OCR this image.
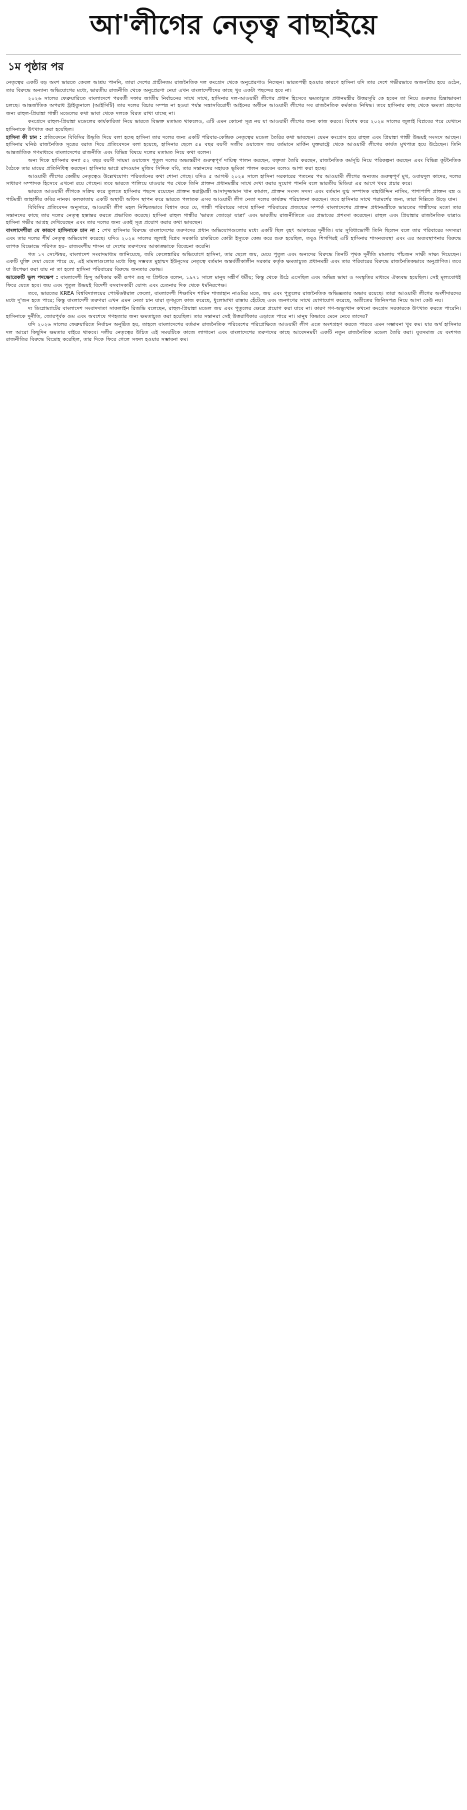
আ'লীগের নেতৃত্ব বাছাইয়ে
১ম পৃষ্ঠার পর

নেতৃত্বের একটি বড় অংশ ভারতে কেবল আশ্রয় পাননি, তারা দেশের প্রাচীনতম রাজনৈতিক দল কংগ্রেস থেকে অনুপ্রেরণাও নিচ্ছেন। ভারতপন্থী হওয়ার কারণে হাসিনা যদি তার দেশে গভীরভাবে অজনপ্রিয় হয়ে ওঠেন, তার বিরুদ্ধে অন্যান্য অভিযোগের মধ্যে, ভারতীয় রাজনীতি থেকে অনুপ্রেরণা নেয়া এখন বাংলাদেশীদের কাছে খুব একটা পছন্দের হবে না।

২০২৬ সালের ফেব্রুয়ারিতে বাংলাদেশে পরবর্তী দফার জাতীয় নির্বাচনের সাথে সাথে, হাসিনার দল-আওয়ামী লীগের প্রধান হিসেবে ক্ষমতাচ্যুত প্রধানমন্ত্রীর উত্তরসূরি কে হবেন তা নিয়ে গুরুতর চিন্তাভাবনা চলছে। আন্তর্জাতিক অপরাধ ট্রাইব্যুনালে (আইসিটি) তার দলের বিচার সম্পন্ন না হওয়া পর্যন্ত সন্ত্রাসবিরোধী আইনের অধীনে আওয়ামী লীগের সব রাজনৈতিক কর্মকাণ্ড নিষিদ্ধ। তবে হাসিনার কাছ থেকে ক্ষমতা গ্রহণের জন্য রাহুল-প্রিয়াঙ্কা গান্ধী মডেলের কথা ভাবা থেকে দলকে বিরত রাখা যাচ্ছে না।

কংগ্রেসে রাহুল-প্রিয়াঙ্কা মডেলের কার্যকারিতা নিয়ে ভারতে বিভক্ত মতামত থাকলেও, এটি এমন কোনো সূত্র নয় যা আওয়ামী লীগের জন্য কাজ করবে। বিশেষ করে ২০২৪ সালের জুলাই বিপ্লবের পরে যেখানে হাসিনাকে উৎখাত করা হয়েছিল।

হাসিনা কী চান : প্রতিবেদনে বিবিসির উদ্ধৃতি দিয়ে বলা হচ্ছে হাসিনা তার দলের জন্য একটি পরিবার-কেন্দ্রিক নেতৃত্বের মডেল তৈরির কথা ভাবছেন। যেমন কংগ্রেস হয়ে রাহুল এবং প্রিয়াঙ্কা গান্ধী উভয়ই সংসদে আছেন। হাসিনার ঘনিষ্ঠ রাজনৈতিক সূত্রের বরাত দিয়ে প্রতিবেদনে বলা হয়েছে, হাসিনার ছেলে ৫৪ বছর বয়সী সজীব ওয়াজেদ জয় বর্তমানে মার্কিন যুক্তরাষ্ট্রে থেকে আওয়ামী লীগের কার্যত মুখপাত্র হয়ে উঠেছেন। তিনি আন্তর্জাতিক গণমাধ্যমে বাংলাদেশের রাজনীতি এবং বিভিন্ন বিষয়ে দলের মতামত নিয়ে কথা বলেন।

অন্য দিকে হাসিনার কন্যা ৫২ বছর বয়সী সায়মা ওয়াজেদ পুতুল দলের অভ্যন্তরীণ গুরুত্বপূর্ণ দায়িত্ব পালন করছেন, বক্তৃতা তৈরি করছেন, রাজনৈতিক কর্মসূচি নিয়ে পরিকল্পনা করছেন এবং বিভিন্ন কূটনৈতিক বৈঠকে তার মায়ের প্রতিনিধিত্ব করছেন। হাসিনার ভাগ্নে রাদওয়ান মুজিব সিদ্দিক ববি, তার সন্তানদের সহায়ক ভূমিকা পালন করবেন বলেও আশা করা হচ্ছে।

আওয়ামী লীগের কেন্দ্রীয় নেতৃত্বেও উল্লেখযোগ্য পরিবর্তনের কথা শোনা গেছে। যদিও ৫ আগস্ট ২০২৪ সালে হাসিনা সরকারের পতনের পর আওয়ামী লীগের অন্যতম গুরুত্বপূর্ণ মুখ, ওবায়দুল কাদের, দলের সাধারণ সম্পাদক হিসেবে এখনো রয়ে গেছেন। তবে ভারতে পালিয়ে যাওয়ার পর থেকে তিনি প্রাক্তন প্রধানমন্ত্রীর সাথে দেখা করার সুযোগ পাননি বলে ভারতীয় মিডিয়া এর আগে খবর প্রচার করে।

ভারতে আওয়ামী লীগকে সক্রিয় করে তুলতে হাসিনার পছন্দে রয়েছেন প্রাক্তন স্বরাষ্ট্রমন্ত্রী আসাদুজ্জামান খান কামাল, প্রাক্তন সংসদ সদস্য এবং বর্তমান যুগ্ম সম্পাদক বাহাউদ্দিন নাসিম, পাশাপাশি প্রাক্তন বস্ত্র ও পাটমন্ত্রী জাহাঙ্গীর কবির নানক। কলকাতায় একটি অস্থায়ী অফিস স্থাপন করে ভারতে পলাতক এসব আওয়ামী লীগ নেতা দলের কার্যক্রম পরিচালনা করছেন। তবে হাসিনার সাথে পরামর্শের জন্য, তারা দিল্লিতে উড়ে যান।

বিবিসির প্রতিবেদন অনুসারে, আওয়ামী লীগ মহল নিশ্চিতভাবে বিশ্বাস করে যে, গান্ধী পরিবারের সাথে হাসিনা পরিবারের প্রজন্মের সম্পর্ক বাংলাদেশের প্রাক্তন প্রধানমন্ত্রীকে ভারতের গান্ধীদের মতো তার সন্তানদের কাছে তার দলের নেতৃত্ব হস্তান্তর করতে প্রভাবিত করেছে। হাসিনা রাহুল গান্ধীর 'ভারত জোড়ো যাত্রা' এবং ভারতীয় রাজনীতিতে এর প্রভাবের প্রশংসা করেছেন। রাহুল এবং প্রিয়াঙ্কার রাজনৈতিক যাত্রাও হাসিনা গভীর আগ্রহ দেখিয়েছেন এবং তার দলের জন্য একই সূত্র প্রয়োগ করার কথা ভাবছেন।

বাংলাদেশীরা যে কারণে হাসিনাকে চান না : শেখ হাসিনার বিরুদ্ধে বাংলাদেশের তরুণদের প্রধান অভিযোগগুলোর মধ্যে একটি ছিল বৃহৎ আকারের দুর্নীতি। যার সুবিধাভোগী তিনি ছিলেন বলে তার পরিবারের সদস্যরা এবং তার দলের শীর্ষ নেতৃত্ব অভিযোগ করেছে। যদিও ২০২৪ সালের জুলাই বিপ্লব সরকারি চাকরিতে কোটা ইস্যুকে কেন্দ্র করে শুরু হয়েছিল, তবুও শিগগিরই এটি হাসিনার শাসনব্যবস্থা এবং এর অব্যবস্থাপনার বিরুদ্ধে ব্যাপক বিক্ষোভে পরিণত হয়– রাজবংশীয় শাসন যা দেশের তরুণদের আকাঙ্ক্ষাকে বিবেচনা করেনি।

গত ১৭ সেপ্টেম্বর, বাংলাদেশ সংবাদমাধ্যম জানিয়েছে, জমি কেলেঙ্কারির অভিযোগে হাসিনা, তার ছেলে জয়, মেয়ে পুতুল এবং অন্যদের বিরুদ্ধে তিনটি পৃথক দুর্নীতি মামলায় পাঁচজন সাক্ষী সাক্ষ্য দিয়েছেন। একটি যুক্তি দেয়া যেতে পারে যে, এই মামলাগুলোর মধ্যে কিছু সম্ভবত মুহাম্মদ ইউনূসের নেতৃত্বে বর্তমান অন্তর্বর্তীকালীন সরকার কর্তৃক ক্ষমতাচ্যুত প্রধানমন্ত্রী এবং তার পরিবারের বিরুদ্ধে রাজনৈতিকভাবে অনুপ্রাণিত। তবে যা উপেক্ষা করা যায় না তা হলো হাসিনা পরিবারের বিরুদ্ধে জনতার ক্ষোভ।

আরেকটি ভুল পদক্ষেপ : বাংলাদেশী হিন্দু অধিকার কর্মী রূপণ গুহ দ্য প্রিন্টকে বলেন, ১৯৭১ সালে মানুষ সঙ্কীর্ণ ধর্মীয়; কিন্তু থেকে উঠে এসেছিল এবং অভিন্ন ভাষা ও সংস্কৃতির মাধ্যমে ঐক্যবদ্ধ হয়েছিল। সেই মূল্যবোধই ফিরে যেতে হবে। জয় এবং পুতুল উভয়ই বিদেশী বসবাসকারী যোগ্য এবং চেতনার দিক থেকে ধর্মনিরপেক্ষ।

তবে, ভারতের KREA বিশ্ববিদ্যালয়ের পোস্টডক্টরাল ফেলো, বাংলাদেশী শিক্ষাবিদ শারিন শাজাহান নাওমির মতে, জয় এবং পুতুলের রাজনৈতিক অভিজ্ঞতার অভাব রয়েছে। তারা আওয়ামী লীগের অংশীদারদের মধ্যে দু'জন হতে পারে; কিন্তু বাংলাদেশী তরুণরা এখন এমন নেতা চান যারা তৃণমূলে কাজ করেছে, ধুলোমাখা রাস্তায় হেঁটেছে এবং জনগণের সাথে যোগাযোগ করেছে, অতীতের জিনিসপত্র নিয়ে আসা কেউ নয়।

দ্য ডিপ্লোম্যাটের বাংলাদেশ সংবাদদাতা সাকলাইন রিজভি বলেছেন, রাহুল-প্রিয়াঙ্কা মডেল জয় এবং পুতুলের ক্ষেত্রে প্রয়োগ করা যাবে না। কারণ গণ-অভ্যুত্থান কখনো কংগ্রেস সরকারকে উৎখাত করতে পারেনি। হাসিনাকে দুর্নীতি, জোরপূর্বক গুম এবং অবশেষে গণহত্যার জন্য ক্ষমতাচ্যুত করা হয়েছিল। তার সন্তানরা সেই উত্তরাধিকার এড়াতে পারে না। মানুষ কিভাবে মেনে নেবে তাদের?

যদি ২০২৬ সালের ফেব্রুয়ারিতে নির্বাচন অনুষ্ঠিত হয়, তাহলে বাংলাদেশের বর্তমান রাজনৈতিক পরিবেশের পরিপ্রেক্ষিতে আওয়ামী লীগ এতে অংশগ্রহণ করতে পারবে এমন সম্ভাবনা খুব কম। যার অর্থ হাসিনার দল আরো কিছুদিন ক্ষমতার বাইরে থাকবে। দলীয় নেতৃত্বের উচিত এই সময়টিকে কাজে লাগানো এবং বাংলাদেশের তরুণদের কাছে আবেদনময়ী একটি নতুন রাজনৈতিক মডেল তৈরি করা। যুবসমাজ যে বংশগত রাজনীতির বিরুদ্ধে বিদ্রোহ করেছিল, তার দিকে ফিরে গেলে সফল হওয়ার সম্ভাবনা কম।
